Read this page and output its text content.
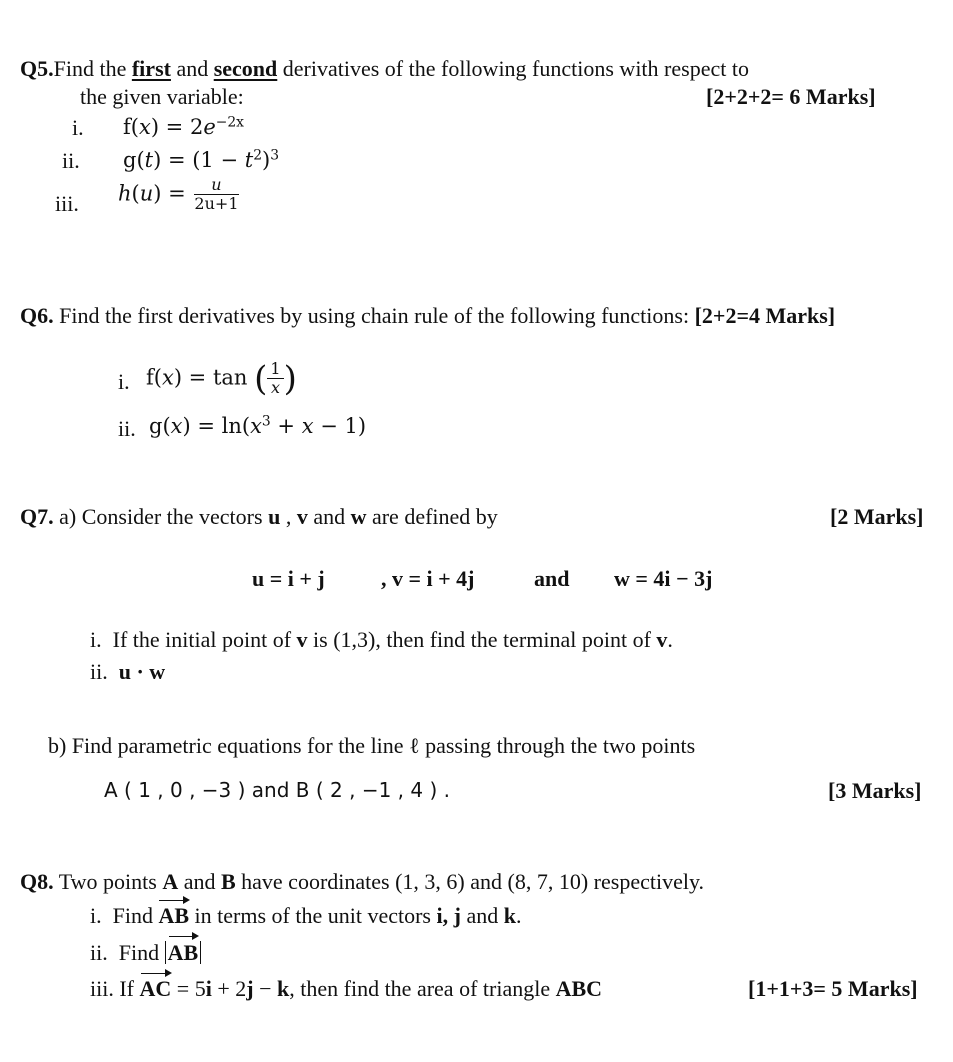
Q5.Find the first and second derivatives of the following functions with respect to
the given variable:	[2+2+2= 6 Marks]
i. $f(x) = 2e^{-2x}$
ii. $g(t) = (1 - t^2)^3$
iii. $h(u) = \frac{u}{2u+1}$
Q6. Find the first derivatives by using chain rule of the following functions: [2+2=4 Marks]
i. f(x) = tan ( $\frac{1}{x}$ )
ii. $g(x) = \ln(x^3 + x - 1)$
Q7. a) Consider the vectors u , v and w are defined by	[2 Marks]
u = i + j	, v = i + 4j	and w = 4i − 3j
i. If the initial point of v is (1,3), then find the terminal point of v.
ii. u · w
b) Find parametric equations for the line ℓ passing through the two points
A ( 1 , 0 , −3 ) and B ( 2 , −1 , 4 ) .	[3 Marks]
Q8. Two points A and B have coordinates (1, 3, 6) and (8, 7, 10) respectively.
i. Find AB in terms of the unit vectors i, j and k.
ii. Find AB
iii. If AC = 5i + 2j − k, then find the area of triangle ABC	[1+1+3= 5 Marks]
